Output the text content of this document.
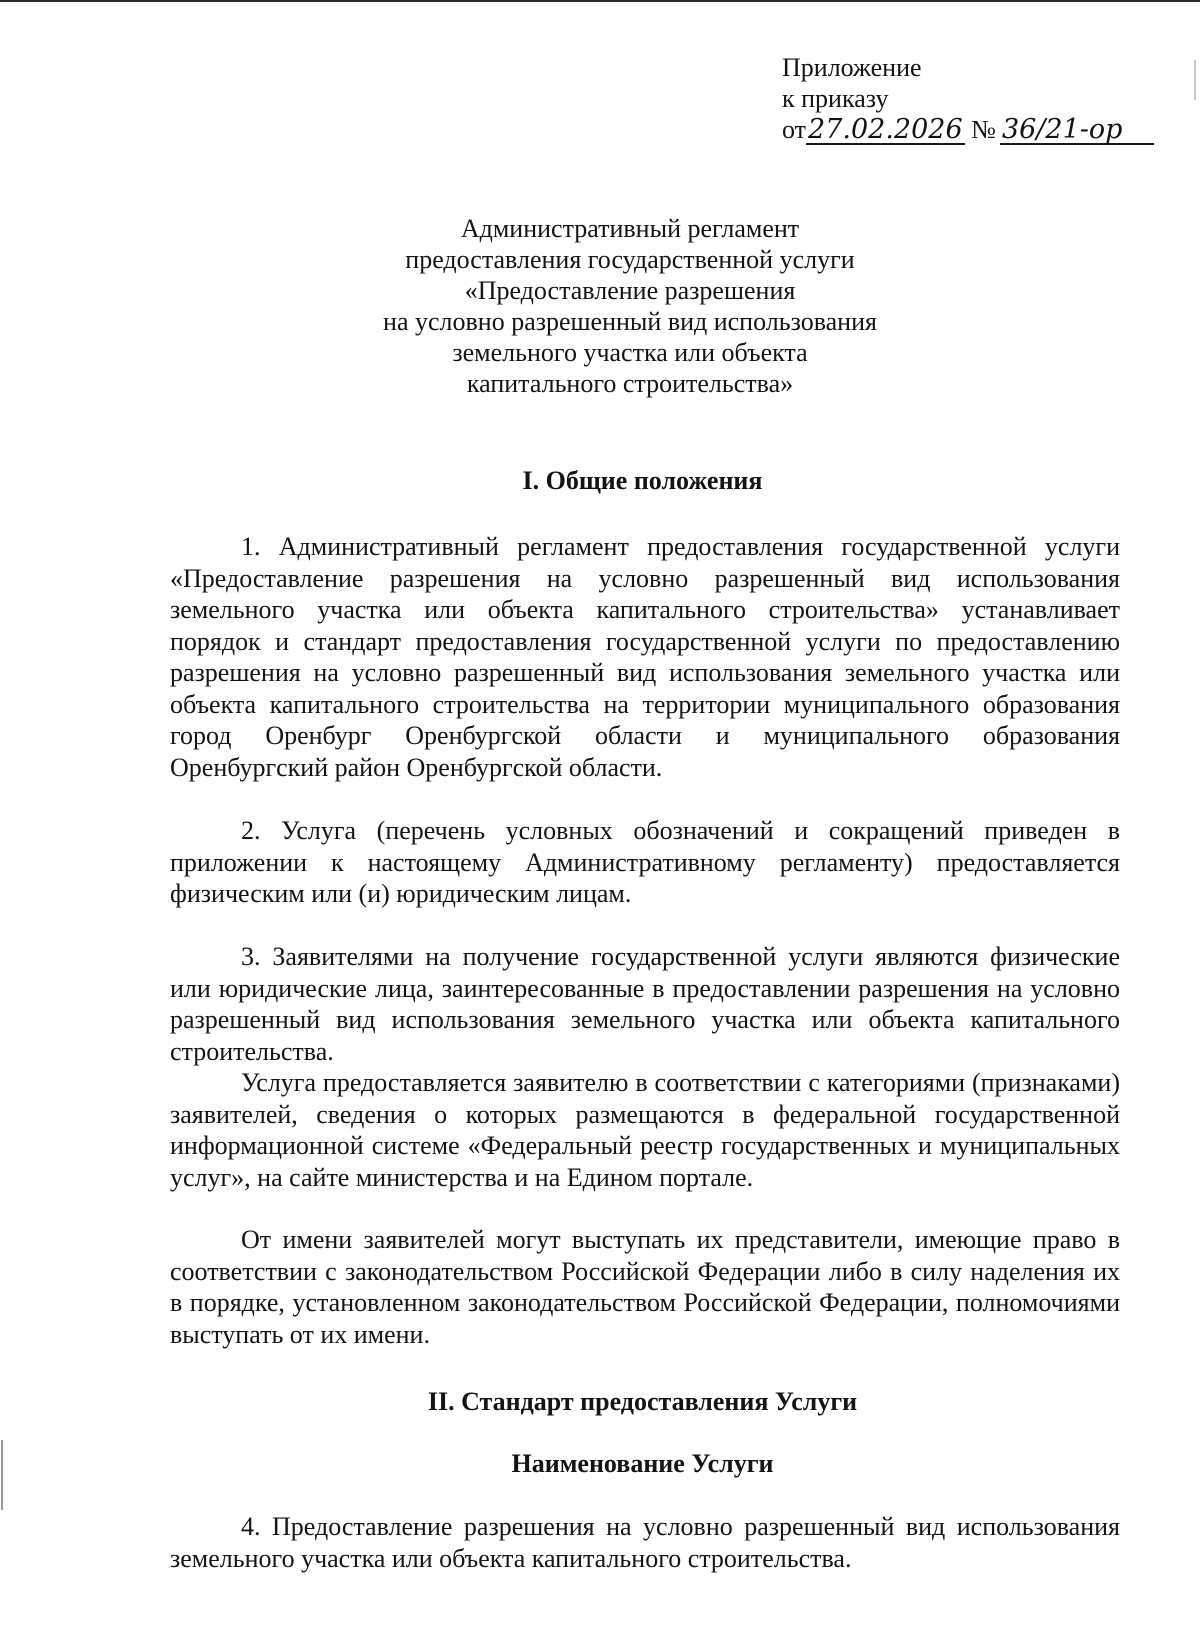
Приложение
к приказу
от27.02.2026 № 36/21-ор
Административный регламент
предоставления государственной услуги
«Предоставление разрешения
на условно разрешенный вид использования
земельного участка или объекта
капитального строительства»
I. Общие положения

1. Административный регламент предоставления государственной услуги «Предоставление разрешения на условно разрешенный вид использования земельного участка или объекта капитального строительства» устанавливает порядок и стандарт предоставления государственной услуги по предоставлению разрешения на условно разрешенный вид использования земельного участка или объекта капитального строительства на территории муниципального образования город Оренбург Оренбургской области и муниципального образования Оренбургский район Оренбургской области.

2. Услуга (перечень условных обозначений и сокращений приведен в приложении к настоящему Административному регламенту) предоставляется физическим или (и) юридическим лицам.

3. Заявителями на получение государственной услуги являются физические или юридические лица, заинтересованные в предоставлении разрешения на условно разрешенный вид использования земельного участка или объекта капитального строительства.

Услуга предоставляется заявителю в соответствии с категориями (признаками) заявителей, сведения о которых размещаются в федеральной государственной информационной системе «Федеральный реестр государственных и муниципальных услуг», на сайте министерства и на Едином портале.

От имени заявителей могут выступать их представители, имеющие право в соответствии с законодательством Российской Федерации либо в силу наделения их в порядке, установленном законодательством Российской Федерации, полномочиями выступать от их имени.

II. Стандарт предоставления Услуги
Наименование Услуги

4. Предоставление разрешения на условно разрешенный вид использования земельного участка или объекта капитального строительства.
